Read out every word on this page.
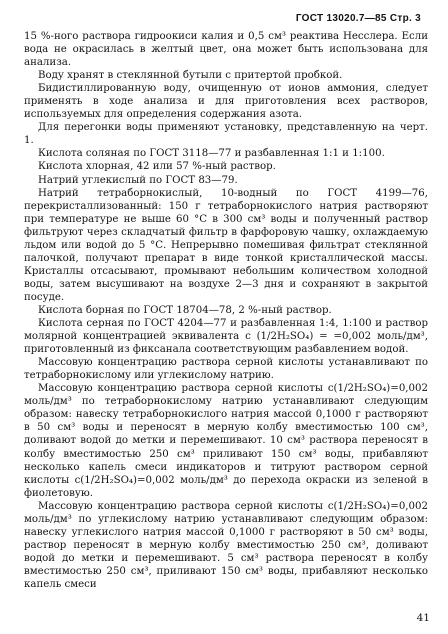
ГОСТ 13020.7—85 Стр. 3

15 %-ного раствора гидроокиси калия и 0,5 см³ реактива Несслера. Если вода не окрасилась в желтый цвет, она может быть использована для анализа.

Воду хранят в стеклянной бутыли с притертой пробкой.

Бидистиллированную воду, очищенную от ионов аммония, следует применять в ходе анализа и для приготовления всех растворов, используемых для определения содержания азота.

Для перегонки воды применяют установку, представленную на черт. 1.

Кислота соляная по ГОСТ 3118—77 и разбавленная 1:1 и 1:100.

Кислота хлорная, 42 или 57 %-ный раствор.

Натрий углекислый по ГОСТ 83—79.

Натрий тетраборнокислый, 10-водный по ГОСТ 4199—76, перекристаллизованный: 150 г тетраборнокислого натрия растворяют при температуре не выше 60 °С в 300 см³ воды и полученный раствор фильтруют через складчатый фильтр в фарфоровую чашку, охлаждаемую льдом или водой до 5 °С. Непрерывно помешивая фильтрат стеклянной палочкой, получают препарат в виде тонкой кристаллической массы. Кристаллы отсасывают, промывают небольшим количеством холодной воды, затем высушивают на воздухе 2—3 дня и сохраняют в закрытой посуде.

Кислота борная по ГОСТ 18704—78, 2 %-ный раствор.

Кислота серная по ГОСТ 4204—77 и разбавленная 1:4, 1:100 и раствор молярной концентрацией эквивалента с (1/2H₂SO₄) = =0,002 моль/дм³, приготовленный из фиксанала соответствующим разбавлением водой.

Массовую концентрацию раствора серной кислоты устанавливают по тетраборнокислому или углекислому натрию.

Массовую концентрацию раствора серной кислоты с(1/2H₂SO₄)=0,002 моль/дм³ по тетраборнокислому натрию устанавливают следующим образом: навеску тетраборнокислого натрия массой 0,1000 г растворяют в 50 см³ воды и переносят в мерную колбу вместимостью 100 см³, доливают водой до метки и перемешивают. 10 см³ раствора переносят в колбу вместимостью 250 см³ приливают 150 см³ воды, прибавляют несколько капель смеси индикаторов и титруют раствором серной кислоты с(1/2H₂SO₄)=0,002 моль/дм³ до перехода окраски из зеленой в фиолетовую.

Массовую концентрацию раствора серной кислоты с(1/2H₂SO₄)=0,002 моль/дм³ по углекислому натрию устанавливают следующим образом: навеску углекислого натрия массой 0,1000 г растворяют в 50 см³ воды, раствор переносят в мерную колбу вместимостью 250 см³, доливают водой до метки и перемешивают. 5 см³ раствора переносят в колбу вместимостью 250 см³, приливают 150 см³ воды, прибавляют несколько капель смеси

41
